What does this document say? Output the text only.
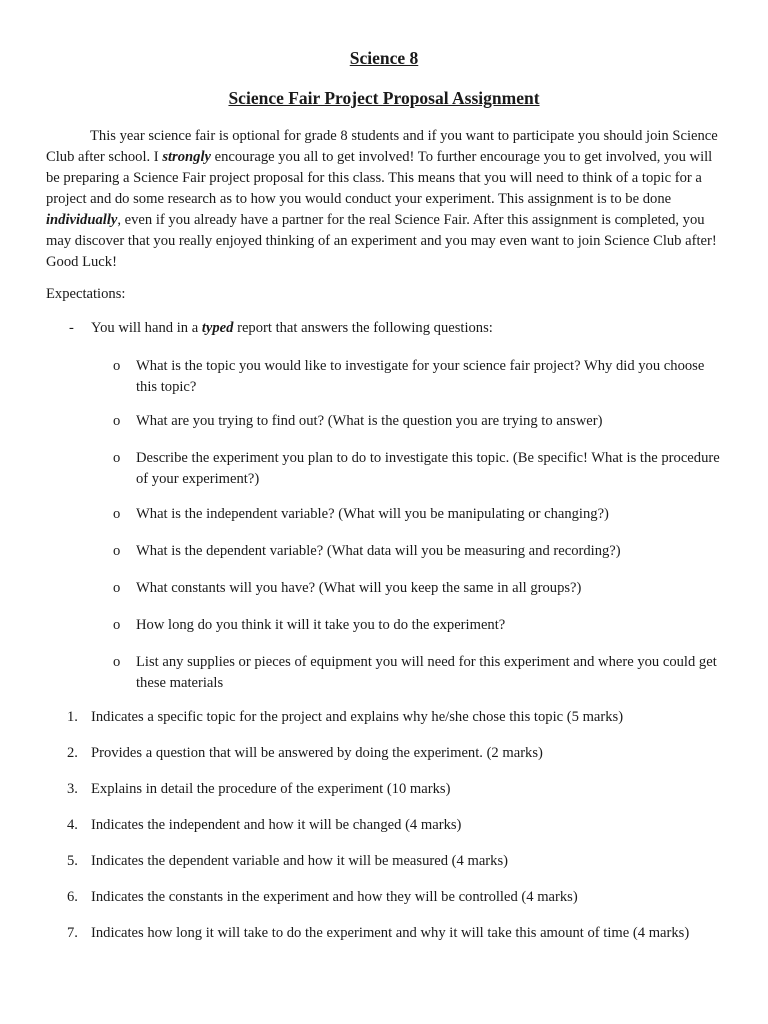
Science 8
Science Fair Project Proposal Assignment

This year science fair is optional for grade 8 students and if you want to participate you should join Science Club after school. I strongly encourage you all to get involved! To further encourage you to get involved, you will be preparing a Science Fair project proposal for this class. This means that you will need to think of a topic for a project and do some research as to how you would conduct your experiment. This assignment is to be done individually, even if you already have a partner for the real Science Fair. After this assignment is completed, you may discover that you really enjoyed thinking of an experiment and you may even want to join Science Club after! Good Luck!

Expectations:
-	You will hand in a typed report that answers the following questions:
o What is the topic you would like to investigate for your science fair project? Why did you choose this topic?
o What are you trying to find out? (What is the question you are trying to answer)
o Describe the experiment you plan to do to investigate this topic. (Be specific! What is the procedure of your experiment?)
o What is the independent variable? (What will you be manipulating or changing?)
o What is the dependent variable? (What data will you be measuring and recording?)
o What constants will you have? (What will you keep the same in all groups?)
o How long do you think it will it take you to do the experiment?
o List any supplies or pieces of equipment you will need for this experiment and where you could get these materials
1. Indicates a specific topic for the project and explains why he/she chose this topic (5 marks)
2. Provides a question that will be answered by doing the experiment. (2 marks)
3. Explains in detail the procedure of the experiment (10 marks)
4. Indicates the independent and how it will be changed (4 marks)
5. Indicates the dependent variable and how it will be measured (4 marks)
6. Indicates the constants in the experiment and how they will be controlled (4 marks)
7. Indicates how long it will take to do the experiment and why it will take this amount of time (4 marks)
